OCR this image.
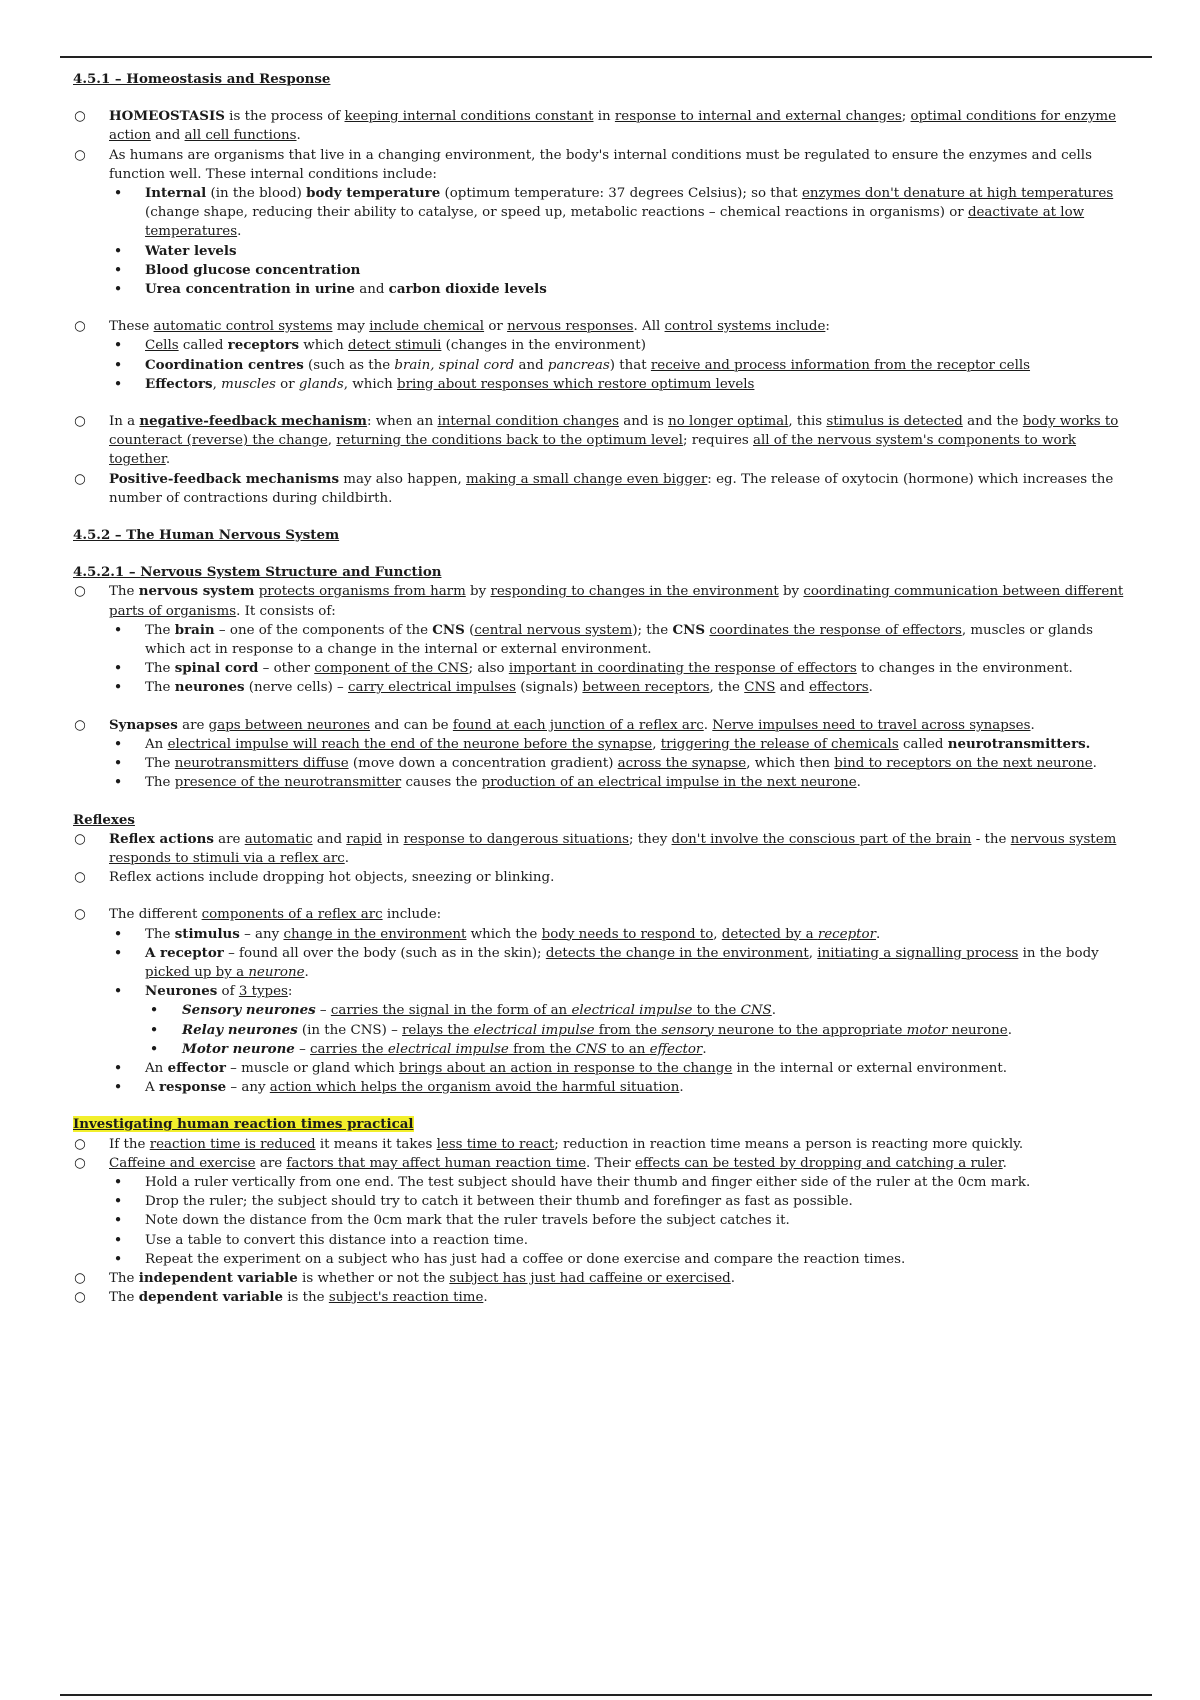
4.5.1 – Homeostasis and Response

○ HOMEOSTASIS is the process of keeping internal conditions constant in response to internal and external changes; optimal conditions for enzyme action and all cell functions.

○ As humans are organisms that live in a changing environment, the body's internal conditions must be regulated to ensure the enzymes and cells function well. These internal conditions include:

• Internal (in the blood) body temperature (optimum temperature: 37 degrees Celsius); so that enzymes don't denature at high temperatures (change shape, reducing their ability to catalyse, or speed up, metabolic reactions – chemical reactions in organisms) or deactivate at low temperatures.

• Water levels

• Blood glucose concentration

• Urea concentration in urine and carbon dioxide levels

○ These automatic control systems may include chemical or nervous responses. All control systems include:

• Cells called receptors which detect stimuli (changes in the environment)

• Coordination centres (such as the brain, spinal cord and pancreas) that receive and process information from the receptor cells

• Effectors, muscles or glands, which bring about responses which restore optimum levels

○ In a negative-feedback mechanism: when an internal condition changes and is no longer optimal, this stimulus is detected and the body works to counteract (reverse) the change, returning the conditions back to the optimum level; requires all of the nervous system's components to work together.

○ Positive-feedback mechanisms may also happen, making a small change even bigger: eg. The release of oxytocin (hormone) which increases the number of contractions during childbirth.

4.5.2 – The Human Nervous System

4.5.2.1 – Nervous System Structure and Function

○ The nervous system protects organisms from harm by responding to changes in the environment by coordinating communication between different parts of organisms. It consists of:

• The brain – one of the components of the CNS (central nervous system); the CNS coordinates the response of effectors, muscles or glands which act in response to a change in the internal or external environment.

• The spinal cord – other component of the CNS; also important in coordinating the response of effectors to changes in the environment.

• The neurones (nerve cells) – carry electrical impulses (signals) between receptors, the CNS and effectors.

○ Synapses are gaps between neurones and can be found at each junction of a reflex arc. Nerve impulses need to travel across synapses.

• An electrical impulse will reach the end of the neurone before the synapse, triggering the release of chemicals called neurotransmitters.

• The neurotransmitters diffuse (move down a concentration gradient) across the synapse, which then bind to receptors on the next neurone.

• The presence of the neurotransmitter causes the production of an electrical impulse in the next neurone.

Reflexes

○ Reflex actions are automatic and rapid in response to dangerous situations; they don't involve the conscious part of the brain - the nervous system responds to stimuli via a reflex arc.

○ Reflex actions include dropping hot objects, sneezing or blinking.

○ The different components of a reflex arc include:

• The stimulus – any change in the environment which the body needs to respond to, detected by a receptor.

• A receptor – found all over the body (such as in the skin); detects the change in the environment, initiating a signalling process in the body picked up by a neurone.

• Neurones of 3 types:

• Sensory neurones – carries the signal in the form of an electrical impulse to the CNS.

• Relay neurones (in the CNS) – relays the electrical impulse from the sensory neurone to the appropriate motor neurone.

• Motor neurone – carries the electrical impulse from the CNS to an effector.

• An effector – muscle or gland which brings about an action in response to the change in the internal or external environment.

• A response – any action which helps the organism avoid the harmful situation.

Investigating human reaction times practical

○ If the reaction time is reduced it means it takes less time to react; reduction in reaction time means a person is reacting more quickly.

○ Caffeine and exercise are factors that may affect human reaction time. Their effects can be tested by dropping and catching a ruler.

• Hold a ruler vertically from one end. The test subject should have their thumb and finger either side of the ruler at the 0cm mark.

• Drop the ruler; the subject should try to catch it between their thumb and forefinger as fast as possible.

• Note down the distance from the 0cm mark that the ruler travels before the subject catches it.

• Use a table to convert this distance into a reaction time.

• Repeat the experiment on a subject who has just had a coffee or done exercise and compare the reaction times.

○ The independent variable is whether or not the subject has just had caffeine or exercised.

○ The dependent variable is the subject's reaction time.
